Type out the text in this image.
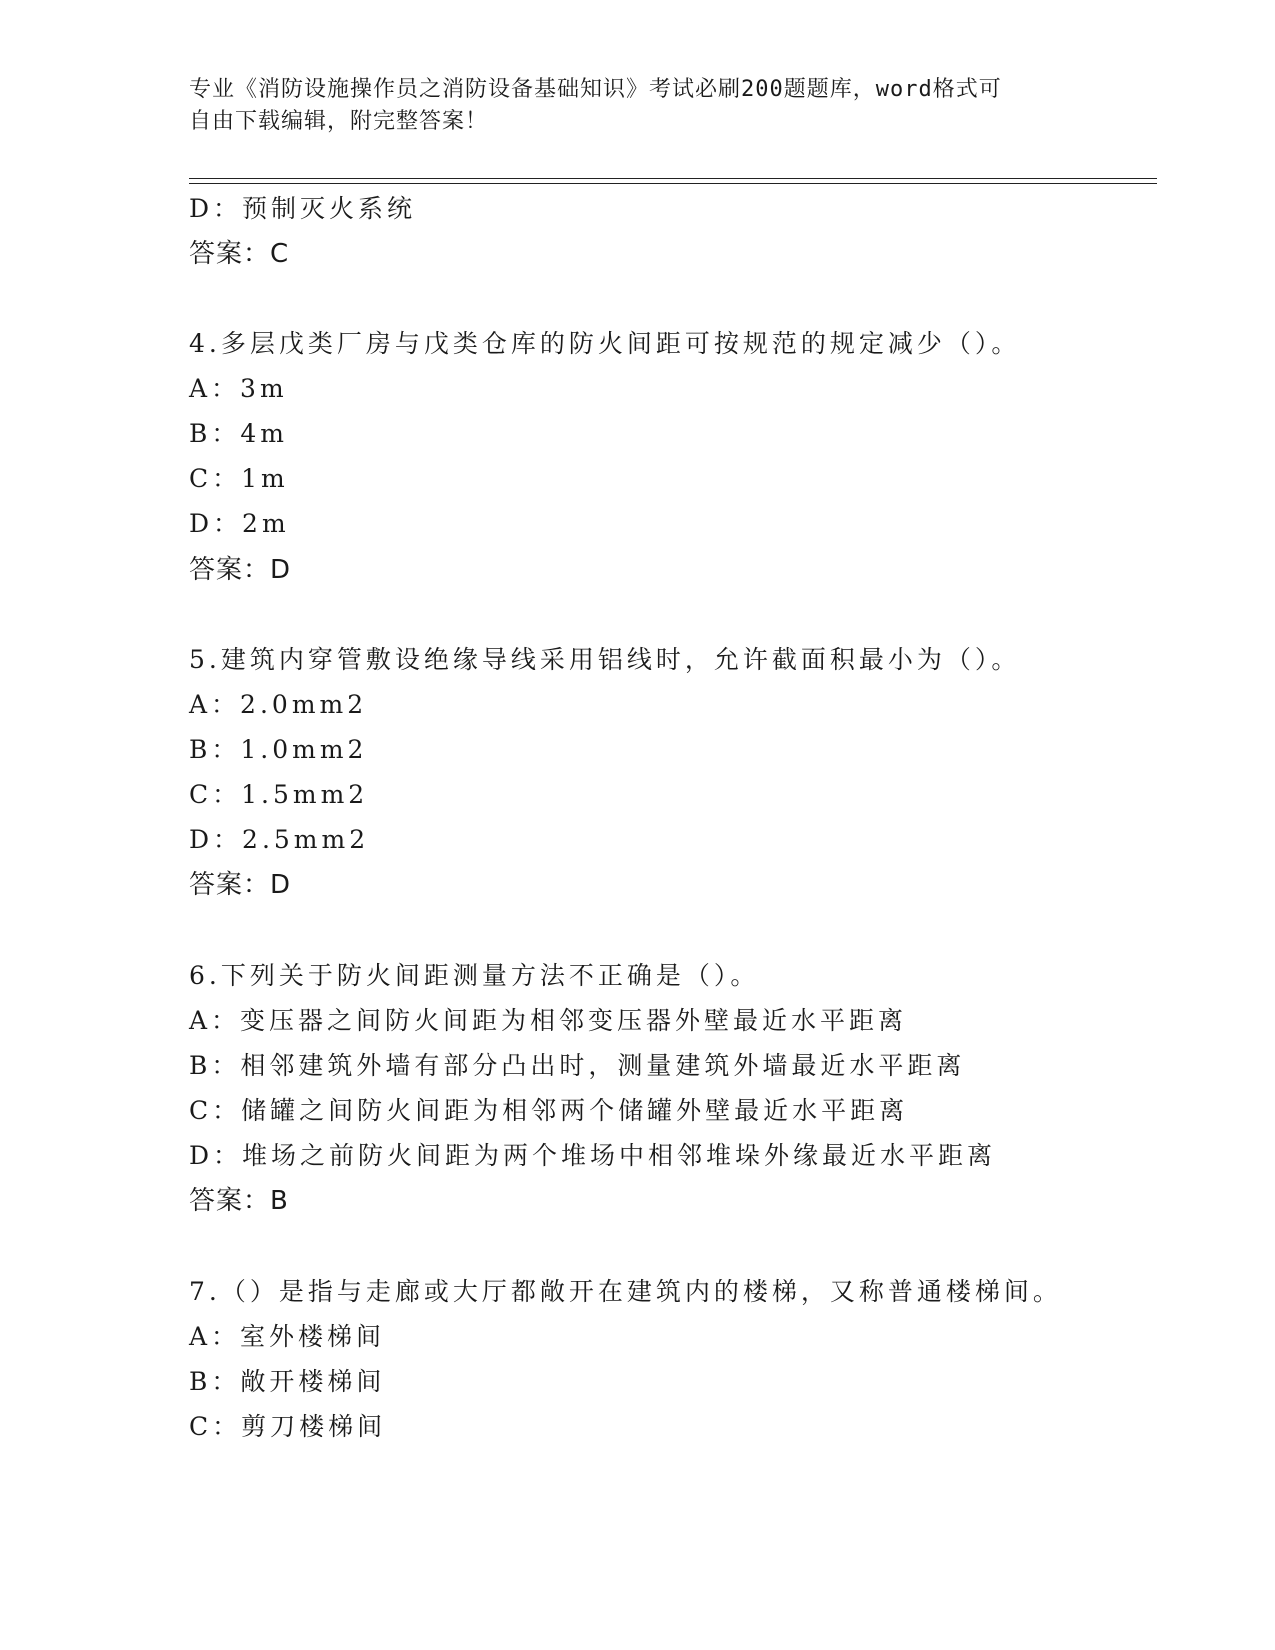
专业《消防设施操作员之消防设备基础知识》考试必刷200题题库，word格式可
自由下载编辑，附完整答案！
D：预制灭火系统
答案：C
4.多层戊类厂房与戊类仓库的防火间距可按规范的规定减少（）。
A：3m
B：4m
C：1m
D：2m
答案：D
5.建筑内穿管敷设绝缘导线采用铝线时，允许截面积最小为（）。
A：2.0mm2
B：1.0mm2
C：1.5mm2
D：2.5mm2
答案：D
6.下列关于防火间距测量方法不正确是（）。
A：变压器之间防火间距为相邻变压器外壁最近水平距离
B：相邻建筑外墙有部分凸出时，测量建筑外墙最近水平距离
C：储罐之间防火间距为相邻两个储罐外壁最近水平距离
D：堆场之前防火间距为两个堆场中相邻堆垛外缘最近水平距离
答案：B
7.（）是指与走廊或大厅都敞开在建筑内的楼梯，又称普通楼梯间。
A：室外楼梯间
B：敞开楼梯间
C：剪刀楼梯间
